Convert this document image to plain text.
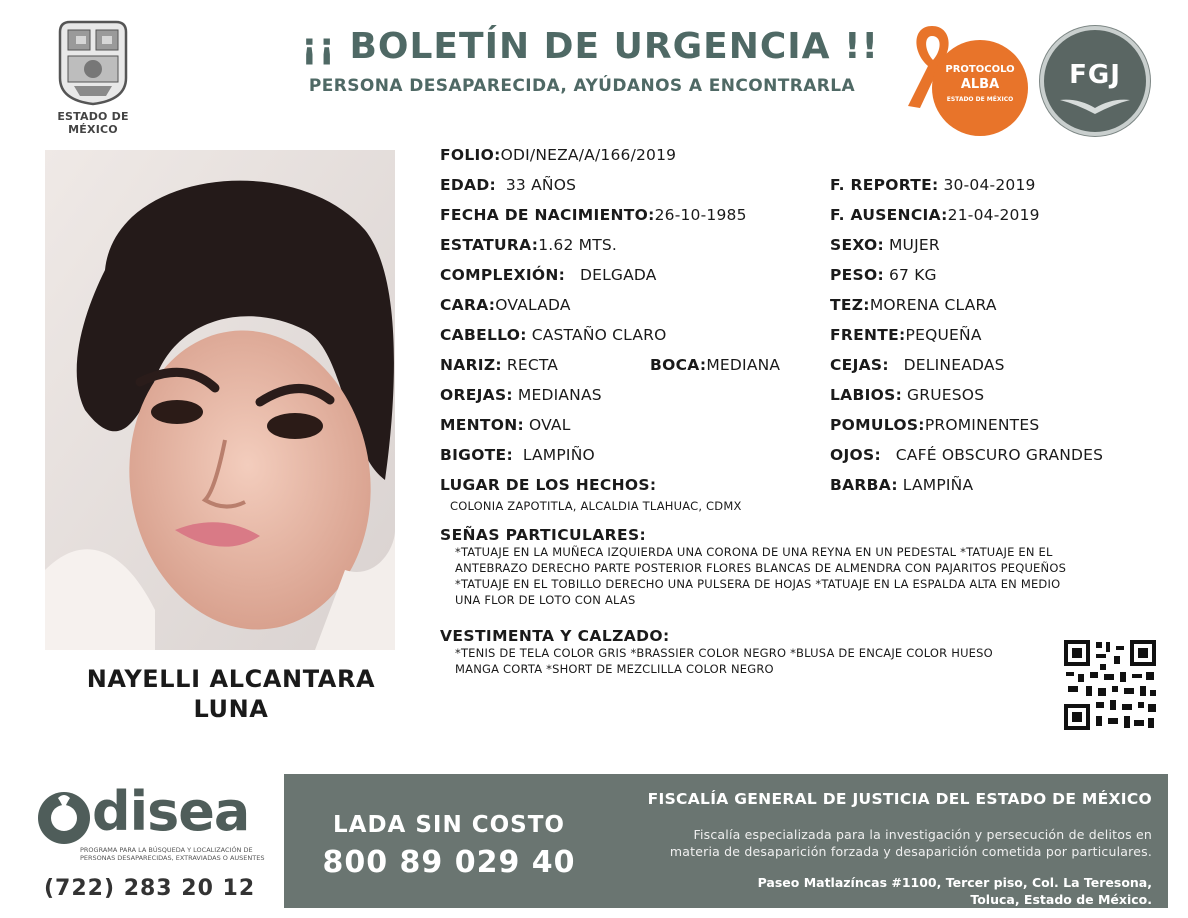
ESTADO DE MÉXICO
¡¡ BOLETÍN DE URGENCIA !!
PERSONA DESAPARECIDA, AYÚDANOS A ENCONTRARLA
PROTOCOLO
ALBA
ESTADO DE MÉXICO
FGJ
NAYELLI ALCANTARA
LUNA
FOLIO:ODI/NEZA/A/166/2019
EDAD: 33 AÑOS
FECHA DE NACIMIENTO:26-10-1985
ESTATURA:1.62 MTS.
COMPLEXIÓN: DELGADA
CARA:OVALADA
CABELLO: CASTAÑO CLARO
NARIZ: RECTA	BOCA:MEDIANA
OREJAS: MEDIANAS
MENTON: OVAL
BIGOTE: LAMPIÑO
LUGAR DE LOS HECHOS:
COLONIA ZAPOTITLA, ALCALDIA TLAHUAC, CDMX
F. REPORTE: 30-04-2019
F. AUSENCIA:21-04-2019
SEXO: MUJER
PESO: 67 KG
TEZ:MORENA CLARA
FRENTE:PEQUEÑA
CEJAS: DELINEADAS
LABIOS: GRUESOS
POMULOS:PROMINENTES
OJOS: CAFÉ OBSCURO GRANDES
BARBA: LAMPIÑA
SEÑAS PARTICULARES:
*TATUAJE EN LA MUÑECA IZQUIERDA UNA CORONA DE UNA REYNA EN UN PEDESTAL *TATUAJE EN EL
ANTEBRAZO DERECHO PARTE POSTERIOR FLORES BLANCAS DE ALMENDRA CON PAJARITOS PEQUEÑOS
*TATUAJE EN EL TOBILLO DERECHO UNA PULSERA DE HOJAS *TATUAJE EN LA ESPALDA ALTA EN MEDIO
UNA FLOR DE LOTO CON ALAS
VESTIMENTA Y CALZADO:
*TENIS DE TELA COLOR GRIS *BRASSIER COLOR NEGRO *BLUSA DE ENCAJE COLOR HUESO
MANGA CORTA *SHORT DE MEZCLILLA COLOR NEGRO
disea
PROGRAMA PARA LA BÚSQUEDA Y LOCALIZACIÓN DE PERSONAS DESAPARECIDAS, EXTRAVIADAS O AUSENTES
(722) 283 20 12
LADA SIN COSTO
800 89 029 40
FISCALÍA GENERAL DE JUSTICIA DEL ESTADO DE MÉXICO
Fiscalía especializada para la investigación y persecución de delitos en
materia de desaparición forzada y desaparición cometida por particulares.
Paseo Matlazíncas #1100, Tercer piso, Col. La Teresona,
Toluca, Estado de México.
